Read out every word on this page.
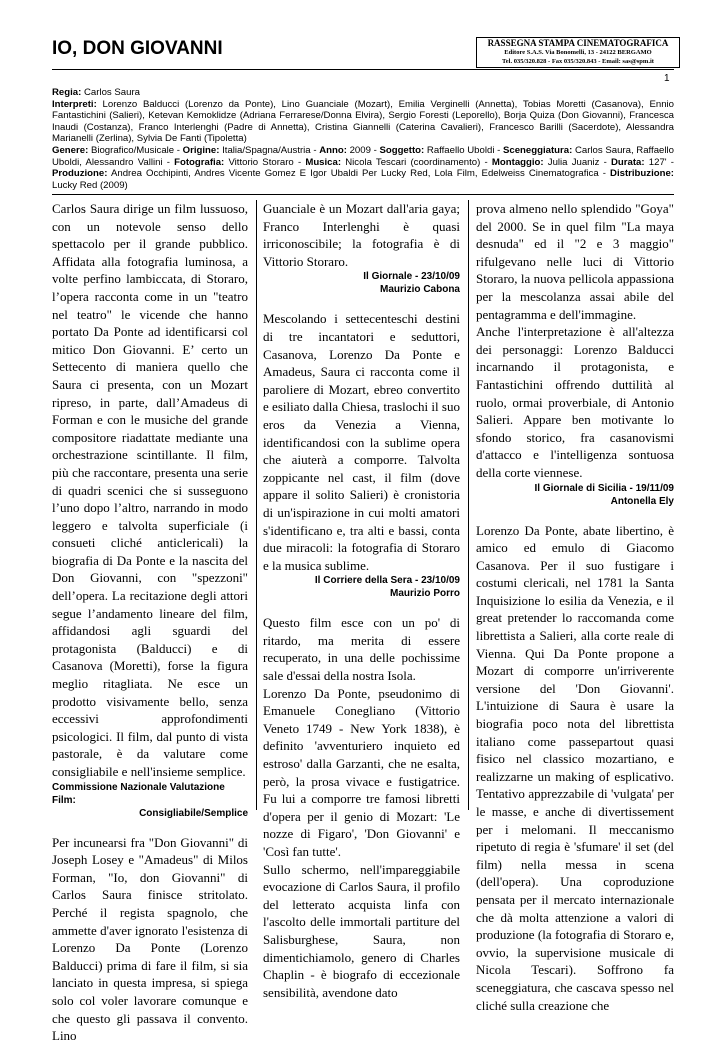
IO, DON GIOVANNI	RASSEGNA STAMPA CINEMATOGRAFICA
Editore S.A.S. Via Bonomelli, 13 - 24122 BERGAMO
Tel. 035/320.828 - Fax 035/320.843 - Email: sas@spm.it
1
Regia: Carlos Saura
Interpreti: Lorenzo Balducci (Lorenzo da Ponte), Lino Guanciale (Mozart), Emilia Verginelli (Annetta), Tobias Moretti (Casanova), Ennio Fantastichini (Salieri), Ketevan Kemoklidze (Adriana Ferrarese/Donna Elvira), Sergio Foresti (Leporello), Borja Quiza (Don Giovanni), Francesca Inaudi (Costanza), Franco Interlenghi (Padre di Annetta), Cristina Giannelli (Caterina Cavalieri), Francesco Barilli (Sacerdote), Alessandra Marianelli (Zerlina), Sylvia De Fanti (Tipoletta)
Genere: Biografico/Musicale - Origine: Italia/Spagna/Austria - Anno: 2009 - Soggetto: Raffaello Uboldi - Sceneggiatura: Carlos Saura, Raffaello Uboldi, Alessandro Vallini - Fotografia: Vittorio Storaro - Musica: Nicola Tescari (coordinamento) - Montaggio: Julia Juaniz - Durata: 127' - Produzione: Andrea Occhipinti, Andres Vicente Gomez E Igor Ubaldi Per Lucky Red, Lola Film, Edelweiss Cinematografica - Distribuzione: Lucky Red (2009)

Carlos Saura dirige un film lussuoso, con un notevole senso dello spettacolo per il grande pubblico. Affidata alla fotografia luminosa, a volte perfino lambiccata, di Storaro, l’opera racconta come in un "teatro nel teatro" le vicende che hanno portato Da Ponte ad identificarsi col mitico Don Giovanni. E’ certo un Settecento di maniera quello che Saura ci presenta, con un Mozart ripreso, in parte, dall’Amadeus di Forman e con le musiche del grande compositore riadattate mediante una orchestrazione scintillante. Il film, più che raccontare, presenta una serie di quadri scenici che si susseguono l’uno dopo l’altro, narrando in modo leggero e talvolta superficiale (i consueti cliché anticlericali) la biografia di Da Ponte e la nascita del Don Giovanni, con "spezzoni" dell’opera. La recitazione degli attori segue l’andamento lineare del film, affidandosi agli sguardi del protagonista (Balducci) e di Casanova (Moretti), forse la figura meglio ritagliata. Ne esce un prodotto visivamente bello, senza eccessivi approfondimenti psicologici. Il film, dal punto di vista pastorale, è da valutare come consigliabile e nell'insieme semplice.

Commissione Nazionale Valutazione Film:
Consigliabile/Semplice

Per incunearsi fra "Don Giovanni" di Joseph Losey e "Amadeus" di Milos Forman, "Io, don Giovanni" di Carlos Saura finisce stritolato. Perché il regista spagnolo, che ammette d'aver ignorato l'esistenza di Lorenzo Da Ponte (Lorenzo Balducci) prima di fare il film, si sia lanciato in questa impresa, si spiega solo col voler lavorare comunque e che questo gli passava il convento. Lino

Guanciale è un Mozart dall'aria gaya; Franco Interlenghi è quasi irriconoscibile; la fotografia è di Vittorio Storaro.

Il Giornale - 23/10/09
Maurizio Cabona

Mescolando i settecenteschi destini di tre incantatori e seduttori, Casanova, Lorenzo Da Ponte e Amadeus, Saura ci racconta come il paroliere di Mozart, ebreo convertito e esiliato dalla Chiesa, traslochi il suo eros da Venezia a Vienna, identificandosi con la sublime opera che aiuterà a comporre. Talvolta zoppicante nel cast, il film (dove appare il solito Salieri) è cronistoria di un'ispirazione in cui molti amatori s'identificano e, tra alti e bassi, conta due miracoli: la fotografia di Storaro e la musica sublime.

Il Corriere della Sera - 23/10/09
Maurizio Porro

Questo film esce con un po' di ritardo, ma merita di essere recuperato, in una delle pochissime sale d'essai della nostra Isola.

Lorenzo Da Ponte, pseudonimo di Emanuele Conegliano (Vittorio Veneto 1749 - New York 1838), è definito 'avventuriero inquieto ed estroso' dalla Garzanti, che ne esalta, però, la prosa vivace e fustigatrice. Fu lui a comporre tre famosi libretti d'opera per il genio di Mozart: 'Le nozze di Figaro', 'Don Giovanni' e 'Così fan tutte'.

Sullo schermo, nell'impareggiabile evocazione di Carlos Saura, il profilo del letterato acquista linfa con l'ascolto delle immortali partiture del Salisburghese, Saura, non dimentichiamolo, genero di Charles Chaplin - è biografo di eccezionale sensibilità, avendone dato

prova almeno nello splendido "Goya" del 2000. Se in quel film "La maya desnuda" ed il "2 e 3 maggio" rifulgevano nelle luci di Vittorio Storaro, la nuova pellicola appassiona per la mescolanza assai abile del pentagramma e dell'immagine.

Anche l'interpretazione è all'altezza dei personaggi: Lorenzo Balducci incarnando il protagonista, e Fantastichini offrendo duttilità al ruolo, ormai proverbiale, di Antonio Salieri. Appare ben motivante lo sfondo storico, fra casanovismi d'attacco e l'intelligenza sontuosa della corte viennese.

Il Giornale di Sicilia - 19/11/09
Antonella Ely

Lorenzo Da Ponte, abate libertino, è amico ed emulo di Giacomo Casanova. Per il suo fustigare i costumi clericali, nel 1781 la Santa Inquisizione lo esilia da Venezia, e il great pretender lo raccomanda come librettista a Salieri, alla corte reale di Vienna. Qui Da Ponte propone a Mozart di comporre un'irriverente versione del 'Don Giovanni'. L'intuizione di Saura è usare la biografia poco nota del librettista italiano come passepartout quasi fisico nel classico mozartiano, e realizzarne un making of esplicativo. Tentativo apprezzabile di 'vulgata' per le masse, e anche di divertissement per i melomani. Il meccanismo ripetuto di regia è 'sfumare' il set (del film) nella messa in scena (dell'opera). Una coproduzione pensata per il mercato internazionale che dà molta attenzione a valori di produzione (la fotografia di Storaro e, ovvio, la supervisione musicale di Nicola Tescari). Soffrono fa sceneggiatura, che cascava spesso nel cliché sulla creazione che
